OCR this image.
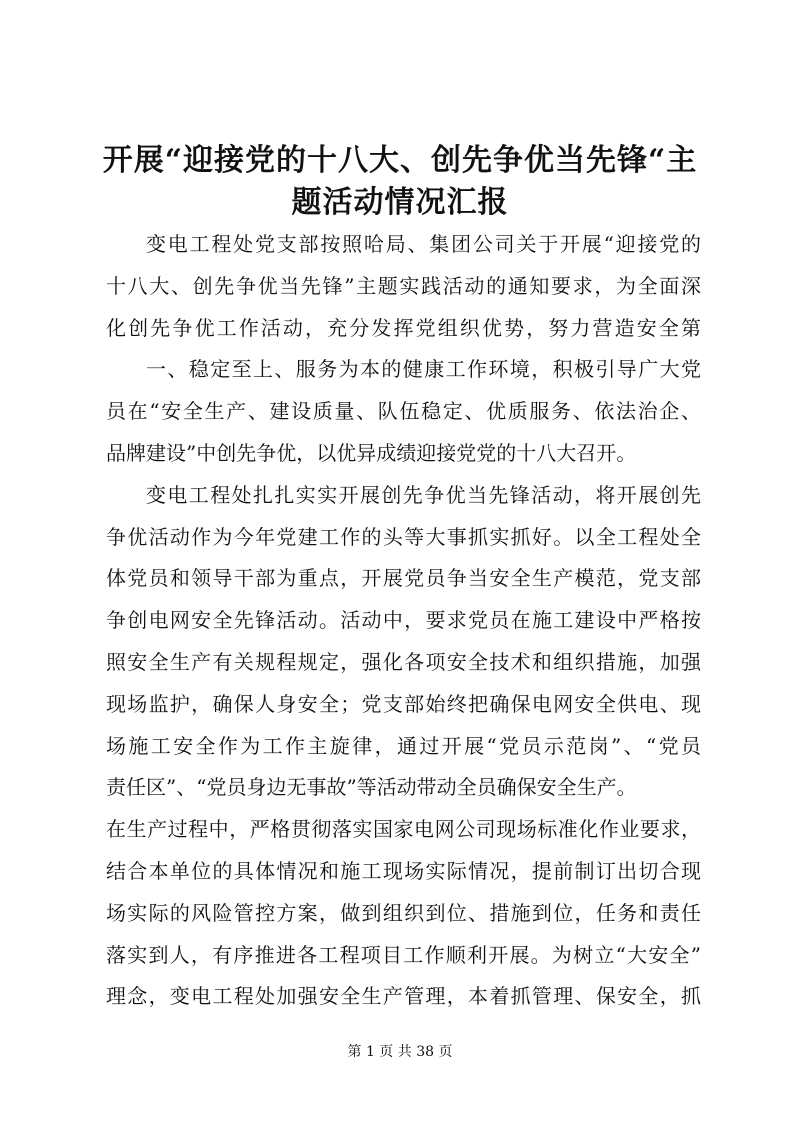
开展“迎接党的十八大、创先争优当先锋“主
题活动情况汇报
变电工程处党支部按照哈局、集团公司关于开展“迎接党的
十八大、创先争优当先锋”主题实践活动的通知要求，为全面深
化创先争优工作活动，充分发挥党组织优势，努力营造安全第
一、稳定至上、服务为本的健康工作环境，积极引导广大党
员在“安全生产、建设质量、队伍稳定、优质服务、依法治企、
品牌建设”中创先争优，以优异成绩迎接党党的十八大召开。
变电工程处扎扎实实开展创先争优当先锋活动，将开展创先
争优活动作为今年党建工作的头等大事抓实抓好。以全工程处全
体党员和领导干部为重点，开展党员争当安全生产模范，党支部
争创电网安全先锋活动。活动中，要求党员在施工建设中严格按
照安全生产有关规程规定，强化各项安全技术和组织措施，加强
现场监护，确保人身安全；党支部始终把确保电网安全供电、现
场施工安全作为工作主旋律，通过开展“党员示范岗”、“党员
责任区”、“党员身边无事故”等活动带动全员确保安全生产。
在生产过程中，严格贯彻落实国家电网公司现场标准化作业要求，
结合本单位的具体情况和施工现场实际情况，提前制订出切合现
场实际的风险管控方案，做到组织到位、措施到位，任务和责任
落实到人，有序推进各工程项目工作顺利开展。为树立“大安全”
理念，变电工程处加强安全生产管理，本着抓管理、保安全，抓
第 1 页 共 38 页
